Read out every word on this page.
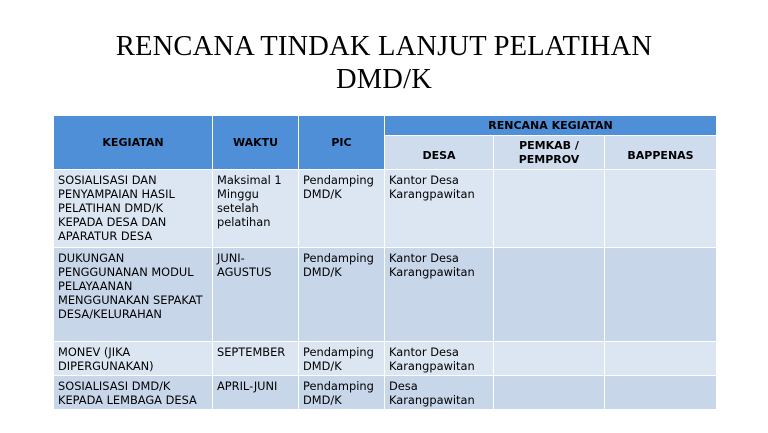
RENCANA TINDAK LANJUT PELATIHAN
DMD/K
KEGIATAN	WAKTU	PIC	RENCANA KEGIATAN		
			DESA	PEMKAB / PEMPROV	BAPPENAS
SOSIALISASI DAN PENYAMPAIAN HASIL PELATIHAN DMD/K KEPADA DESA DAN APARATUR DESA	Maksimal 1 Minggu setelah pelatihan	Pendamping DMD/K	Kantor Desa Karangpawitan		
DUKUNGAN PENGGUNANAN MODUL PELAYAANAN MENGGUNAKAN SEPAKAT DESA/KELURAHAN	JUNI-AGUSTUS	Pendamping DMD/K	Kantor Desa Karangpawitan		
MONEV (JIKA DIPERGUNAKAN)	SEPTEMBER	Pendamping DMD/K	Kantor Desa Karangpawitan		
SOSIALISASI DMD/K KEPADA LEMBAGA DESA	APRIL-JUNI	Pendamping DMD/K	Desa Karangpawitan		
